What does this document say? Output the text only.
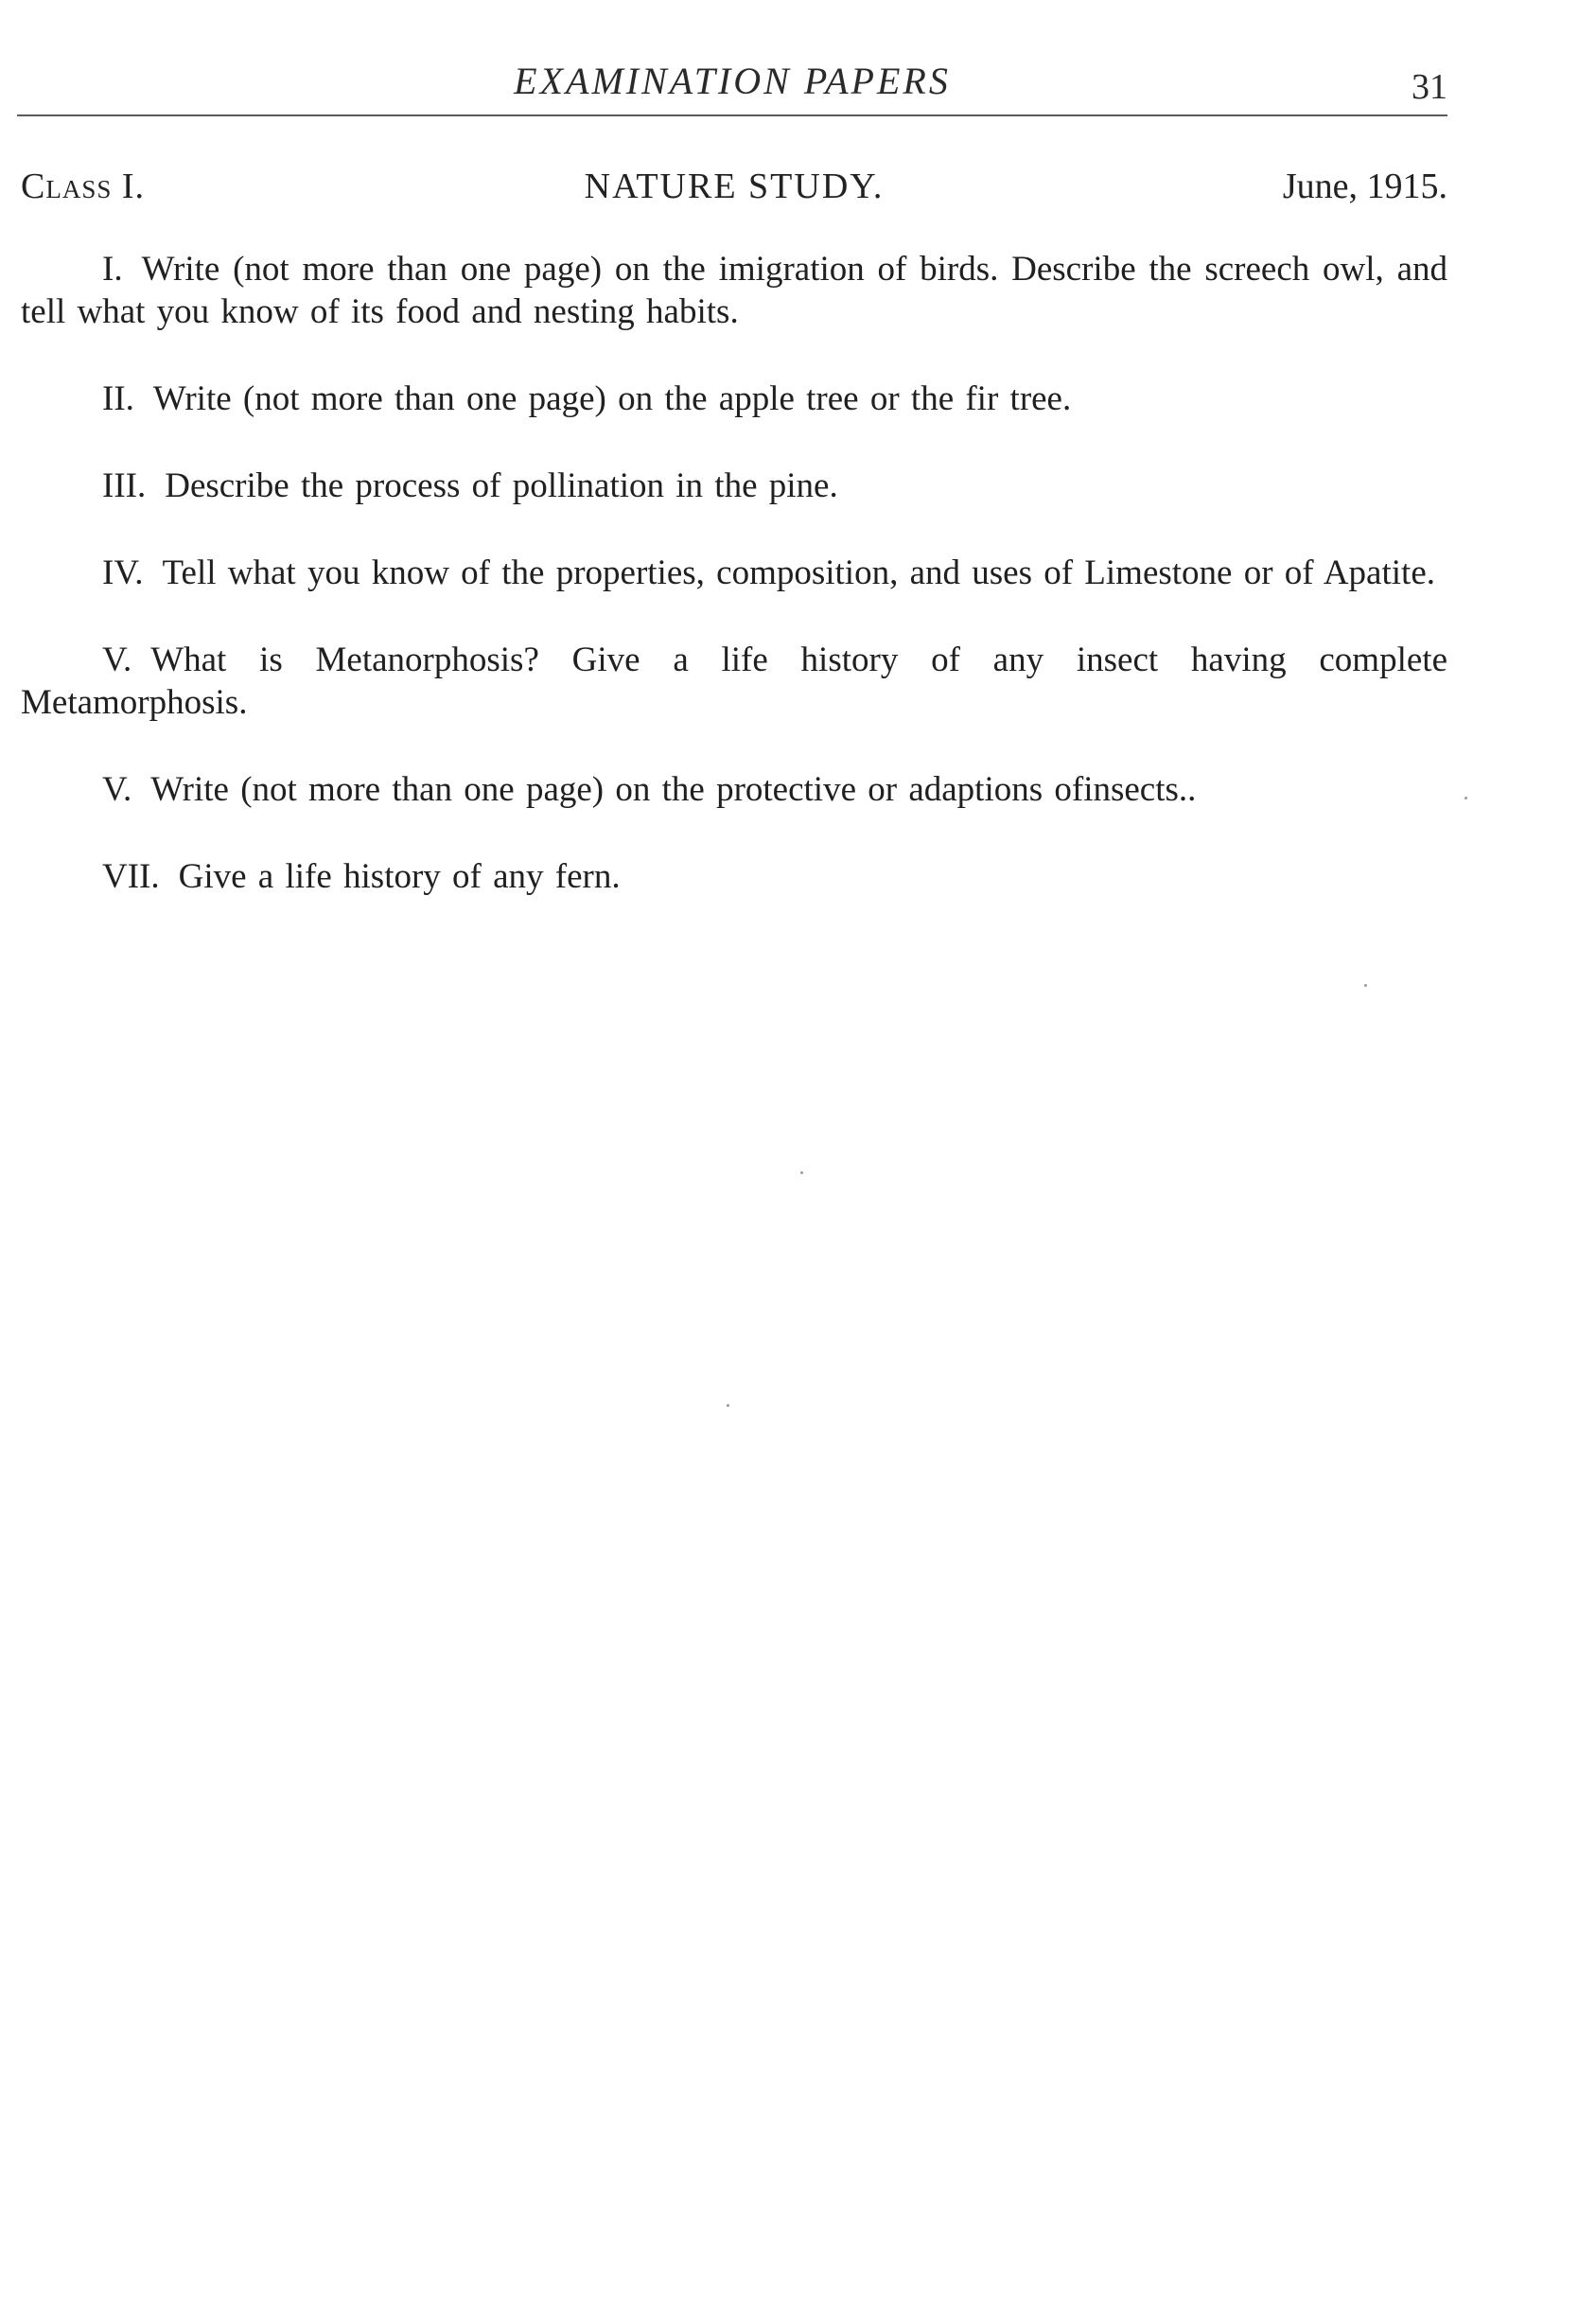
EXAMINATION PAPERS	31
Class I.	NATURE STUDY.	June, 1915.

I. Write (not more than one page) on the imigration of birds. Describe the screech owl, and tell what you know of its food and nesting habits.

II. Write (not more than one page) on the apple tree or the fir tree.

III. Describe the process of pollination in the pine.

IV. Tell what you know of the properties, composition, and uses of Limestone or of Apatite.

V. What is Metanorphosis? Give a life history of any insect having complete Metamorphosis.

V. Write (not more than one page) on the protective or adaptions ofinsects..

VII. Give a life history of any fern.
